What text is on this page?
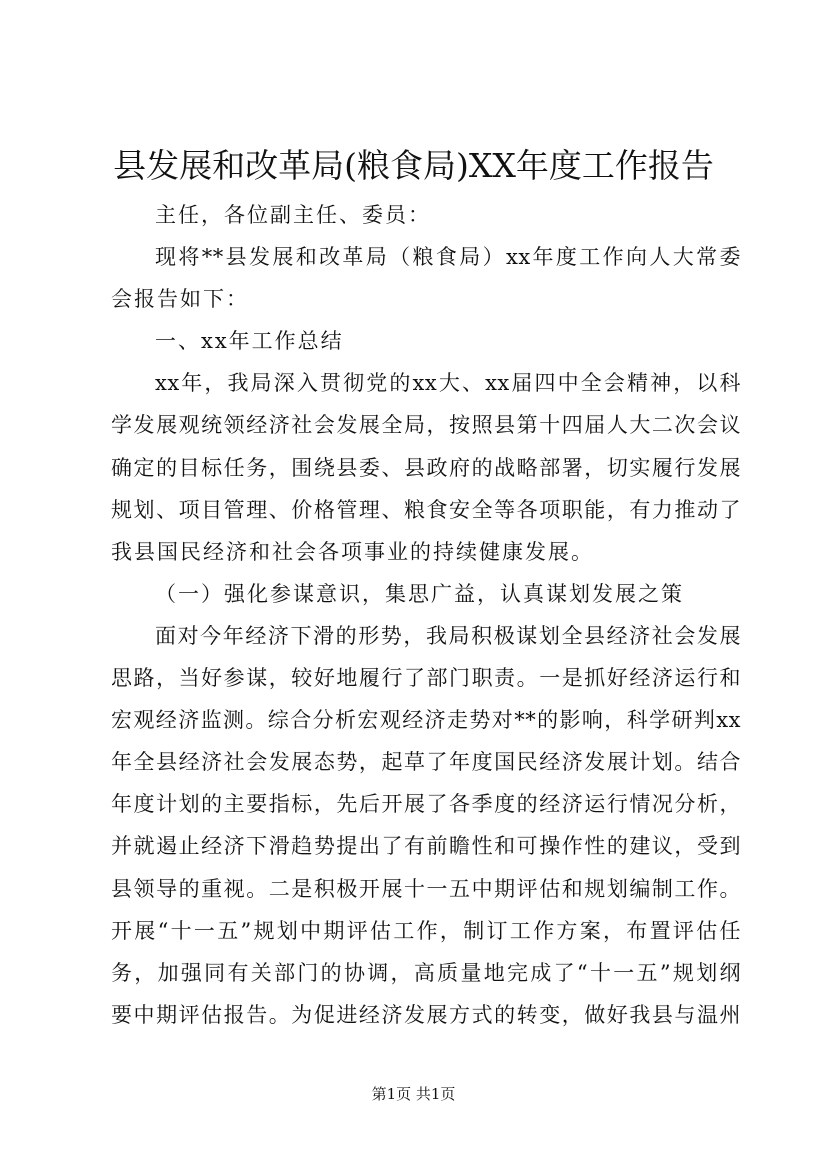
县发展和改革局(粮食局)XX年度工作报告
主任，各位副主任、委员：
现将**县发展和改革局（粮食局）xx年度工作向人大常委
会报告如下：
一、xx年工作总结
xx年，我局深入贯彻党的xx大、xx届四中全会精神，以科
学发展观统领经济社会发展全局，按照县第十四届人大二次会议
确定的目标任务，围绕县委、县政府的战略部署，切实履行发展
规划、项目管理、价格管理、粮食安全等各项职能，有力推动了
我县国民经济和社会各项事业的持续健康发展。
（一）强化参谋意识，集思广益，认真谋划发展之策
面对今年经济下滑的形势，我局积极谋划全县经济社会发展
思路，当好参谋，较好地履行了部门职责。一是抓好经济运行和
宏观经济监测。综合分析宏观经济走势对**的影响，科学研判xx
年全县经济社会发展态势，起草了年度国民经济发展计划。结合
年度计划的主要指标，先后开展了各季度的经济运行情况分析，
并就遏止经济下滑趋势提出了有前瞻性和可操作性的建议，受到
县领导的重视。二是积极开展十一五中期评估和规划编制工作。
开展“十一五”规划中期评估工作，制订工作方案，布置评估任
务，加强同有关部门的协调，高质量地完成了“十一五”规划纲
要中期评估报告。为促进经济发展方式的转变，做好我县与温州
第1页 共1页
